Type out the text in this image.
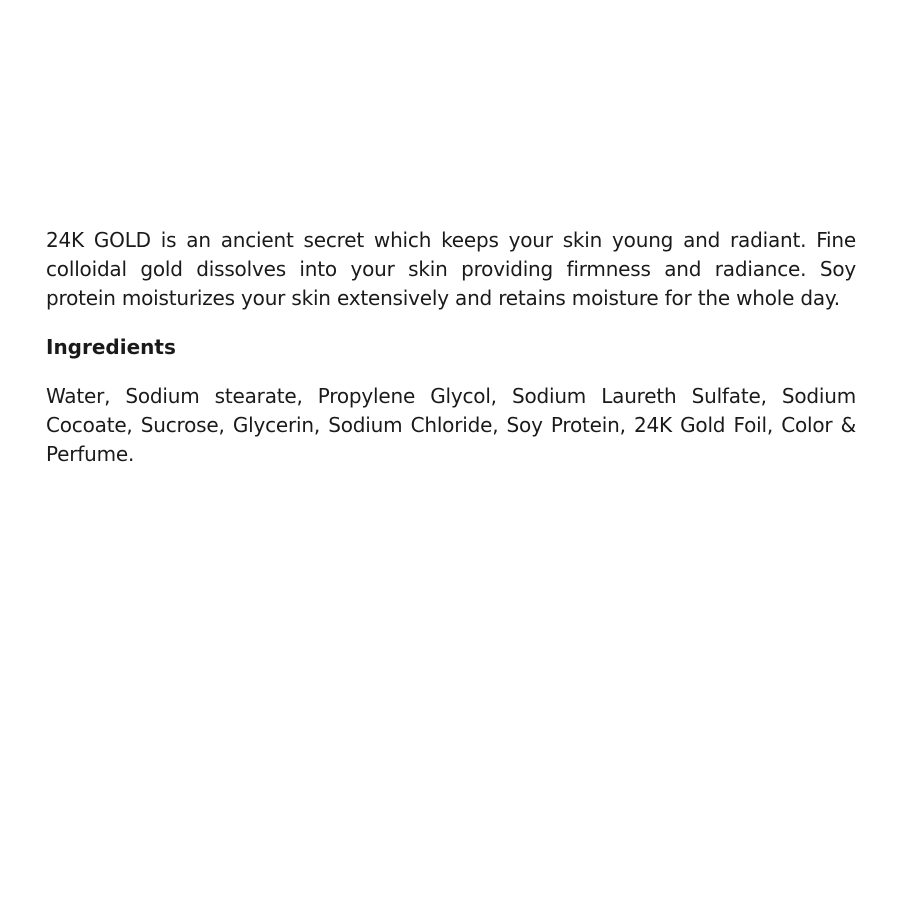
24K GOLD is an ancient secret which keeps your skin young and radiant. Fine colloidal gold dissolves into your skin providing firmness and radiance. Soy protein moisturizes your skin extensively and retains moisture for the whole day.

Ingredients

Water, Sodium stearate, Propylene Glycol, Sodium Laureth Sulfate, Sodium Cocoate, Sucrose, Glycerin, Sodium Chloride, Soy Protein, 24K Gold Foil, Color & Perfume.
